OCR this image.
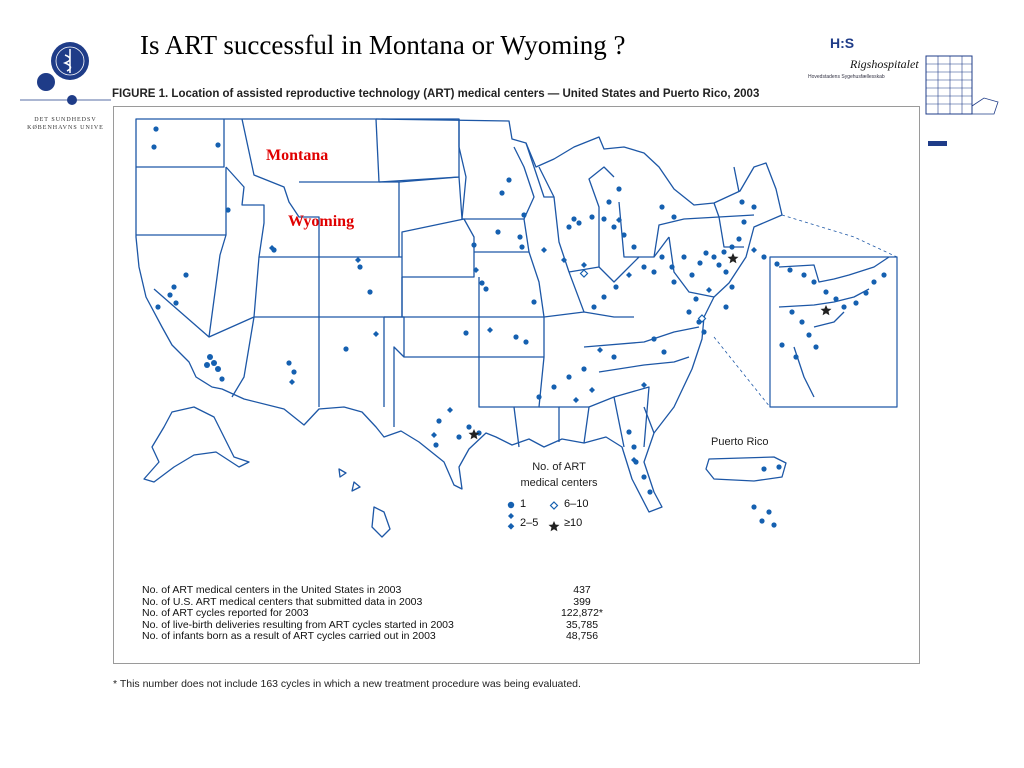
Is ART successful in Montana or Wyoming ?
DET SUNDHEDSV KØBENHAVNS UNIVE
H:S
Rigshospitalet
Hovedstadens Sygehusfællesskab
FIGURE 1. Location of assisted reproductive technology (ART) medical centers — United States and Puerto Rico, 2003
Montana
Wyoming
Puerto Rico
No. of ART
medical centers
1	6–10
2–5 ≥10
No. of ART medical centers in the United States in 2003	437
No. of U.S. ART medical centers that submitted data in 2003	399
No. of ART cycles reported for 2003	122,872*
No. of live-birth deliveries resulting from ART cycles started in 2003	35,785
No. of infants born as a result of ART cycles carried out in 2003	48,756
* This number does not include 163 cycles in which a new treatment procedure was being evaluated.
